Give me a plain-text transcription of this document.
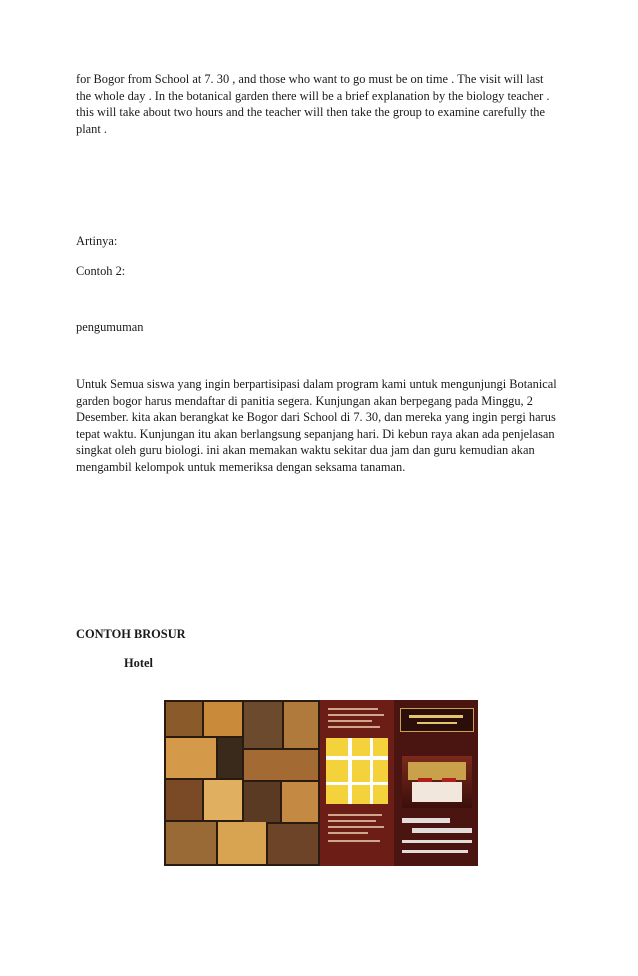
for Bogor from School at 7. 30 , and those who want to go must be on time . The visit will last
the whole day . In the botanical garden there will be a brief explanation by the biology teacher .
this will take about two hours and the teacher will then take the group to examine carefully the
plant .
Artinya:
Contoh 2:
pengumuman
Untuk Semua siswa yang ingin berpartisipasi dalam program kami untuk mengunjungi Botanical
garden bogor harus mendaftar di panitia segera. Kunjungan akan berpegang pada Minggu, 2
Desember. kita akan berangkat ke Bogor dari School di 7. 30, dan mereka yang ingin pergi harus
tepat waktu. Kunjungan itu akan berlangsung sepanjang hari. Di kebun raya akan ada penjelasan
singkat oleh guru biologi. ini akan memakan waktu sekitar dua jam dan guru kemudian akan
mengambil kelompok untuk memeriksa dengan seksama tanaman.
CONTOH BROSUR
Hotel
